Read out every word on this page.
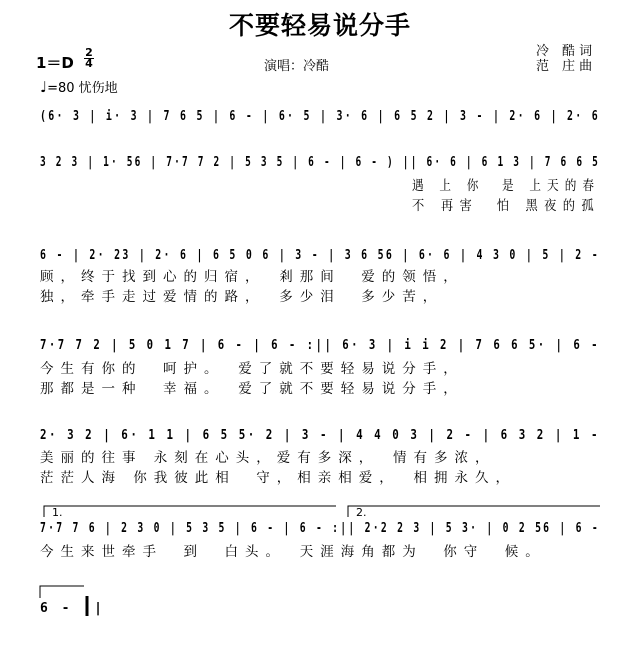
不要轻易说分手
1＝D
2
4	演唱：冷酷
冷　酷 词
范　庄 曲
♩=80 忧伤地
(6· 3 | i· 3 | 7 6 5 | 6 - | 6· 5 | 3· 6 | 6 5 2 | 3 - | 2· 6 | 2· 6
3 2 3 | 1· 56 | 7·7 7 2 | 5 3 5 | 6 - | 6 - ) || 6· 6 | 6 1 3 | 7 6 6 5
遇 上 你　是 上天的春
不 再害　怕 黑夜的孤
6 - | 2· 23 | 2· 6 | 6 5 0 6 | 3 - | 3 6 56 | 6· 6 | 4 3 0 | 5 | 2 -
顾，终于找到心的归宿，　剎那间　爱的领悟，
独，牵手走过爱情的路，　多少泪　多少苦，
7·7 7 2 | 5 0 1 7 | 6 - | 6 - :|| 6· 3 | i i 2 | 7 6 6 5· | 6 -
今生有你的　呵护。　爱了就不要轻易说分手，
那都是一种　幸福。　爱了就不要轻易说分手，
2· 3 2 | 6· 1 1 | 6 5 5· 2 | 3 - | 4 4 0 3 | 2 - | 6 3 2 | 1 -
美丽的往事 永刻在心头，爱有多深，　情有多浓，
茫茫人海 你我彼此相　守，相亲相爱，　相拥永久，
1.	2.
7·7 7 6 | 2 3 0 | 5 3 5 | 6 - | 6 - :|| 2·2 2 3 | 5 3· | 0 2 56 | 6 -
今生来世牵手　到　白头。　天涯海角都为　你守　候。
6 - ||
